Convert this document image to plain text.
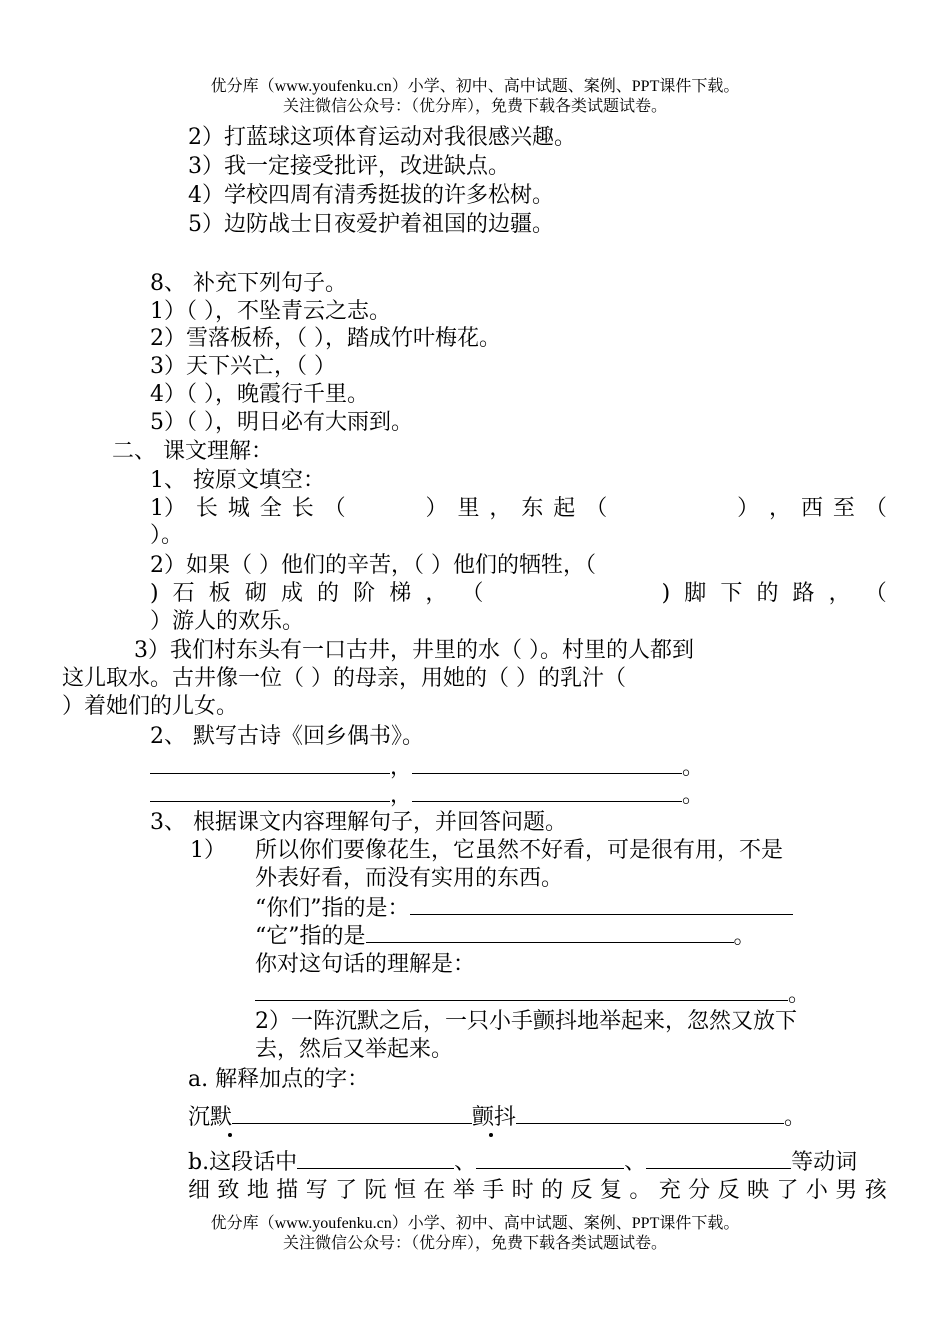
优分库（www.youfenku.cn）小学、初中、高中试题、案例、PPT课件下载。
关注微信公众号：（优分库），免费下载各类试题试卷。
2）打蓝球这项体育运动对我很感兴趣。
3）我一定接受批评，改进缺点。
4）学校四周有清秀挺拔的许多松树。
5）边防战士日夜爱护着祖国的边疆。
8、 补充下列句子。
1）（ ），不坠青云之志。
2）雪落板桥，（ ），踏成竹叶梅花。
3）天下兴亡，（ ）
4）（ ），晚霞行千里。
5）（ ），明日必有大雨到。
二、 课文理解：
1、 按原文填空：
1） 长 城 全 长 （	） 里 ， 东 起 （	） ， 西 至 （
）。
2）如果（ ）他们的辛苦，（ ）他们的牺牲，（
) 石 板 砌 成 的 阶 梯 ， （	) 脚 下 的 路 ， （
）游人的欢乐。
3）我们村东头有一口古井，井里的水（ ）。村里的人都到
这儿取水。古井像一位（ ）的母亲，用她的（ ）的乳汁（
）着她们的儿女。
2、 默写古诗《回乡偶书》。
，	。
，	。
3、 根据课文内容理解句子，并回答问题。
1） 所以你们要像花生，它虽然不好看，可是很有用，不是
外表好看，而没有实用的东西。
“你们”指的是：
“它”指的是	。
你对这句话的理解是：
。
2）一阵沉默之后，一只小手颤抖地举起来，忽然又放下
去，然后又举起来。
a. 解释加点的字：
沉默	颤抖	。
b.这段话中	、	、	等动词
细 致 地 描 写 了 阮 恒 在 举 手 时 的 反 复 。 充 分 反 映 了 小 男 孩
优分库（www.youfenku.cn）小学、初中、高中试题、案例、PPT课件下载。
关注微信公众号：（优分库），免费下载各类试题试卷。
